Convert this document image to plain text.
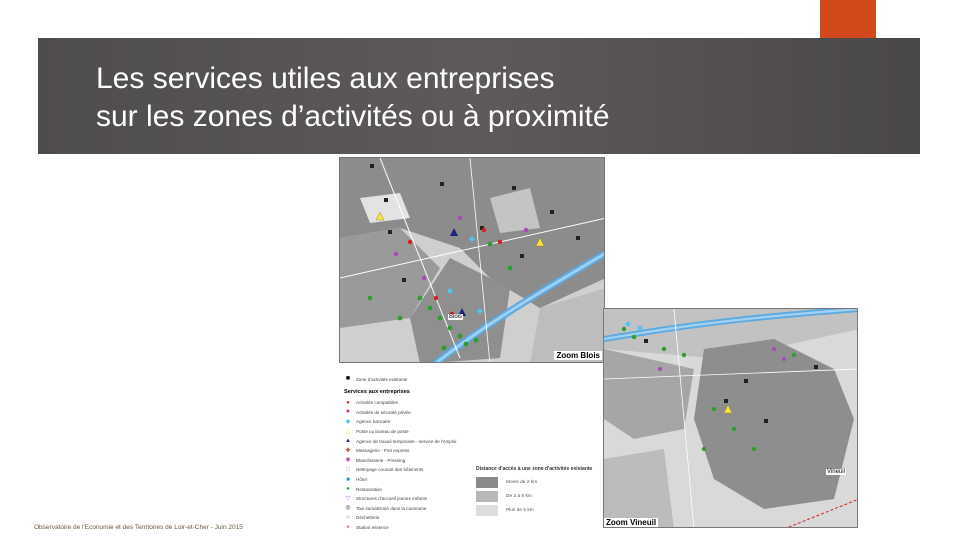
Les services utiles aux entreprises
sur les zones d’activités ou à proximité
Blois
Zoom Blois
Vineuil
Zoom Vineuil
■	Zone d'activités existante
Services aux entreprises
●	Activités comptables
★ Activités de sécurité privée
◆	Agence bancaire
△	Poste ou bureau de poste
▲ Agence de travail temporaire - service de l'emploi
✚	Messagerie - Fret express
◉ Blanchisserie - Pressing
□	Nettoyage courant des bâtiments
■	Hôtel
●	Restauration
▽	Structures d'accueil jeunes enfants
◎ Taxi immatriculé dans la commune
■	Déchetterie
✦	Station essence
Distance d'accès à une zone d'activités existante
Moins de 2 km
De 2 à 5 km
Plus de 5 km
Observatoire de l'Economie et des Territoires de Loir-et-Cher - Juin 2015
